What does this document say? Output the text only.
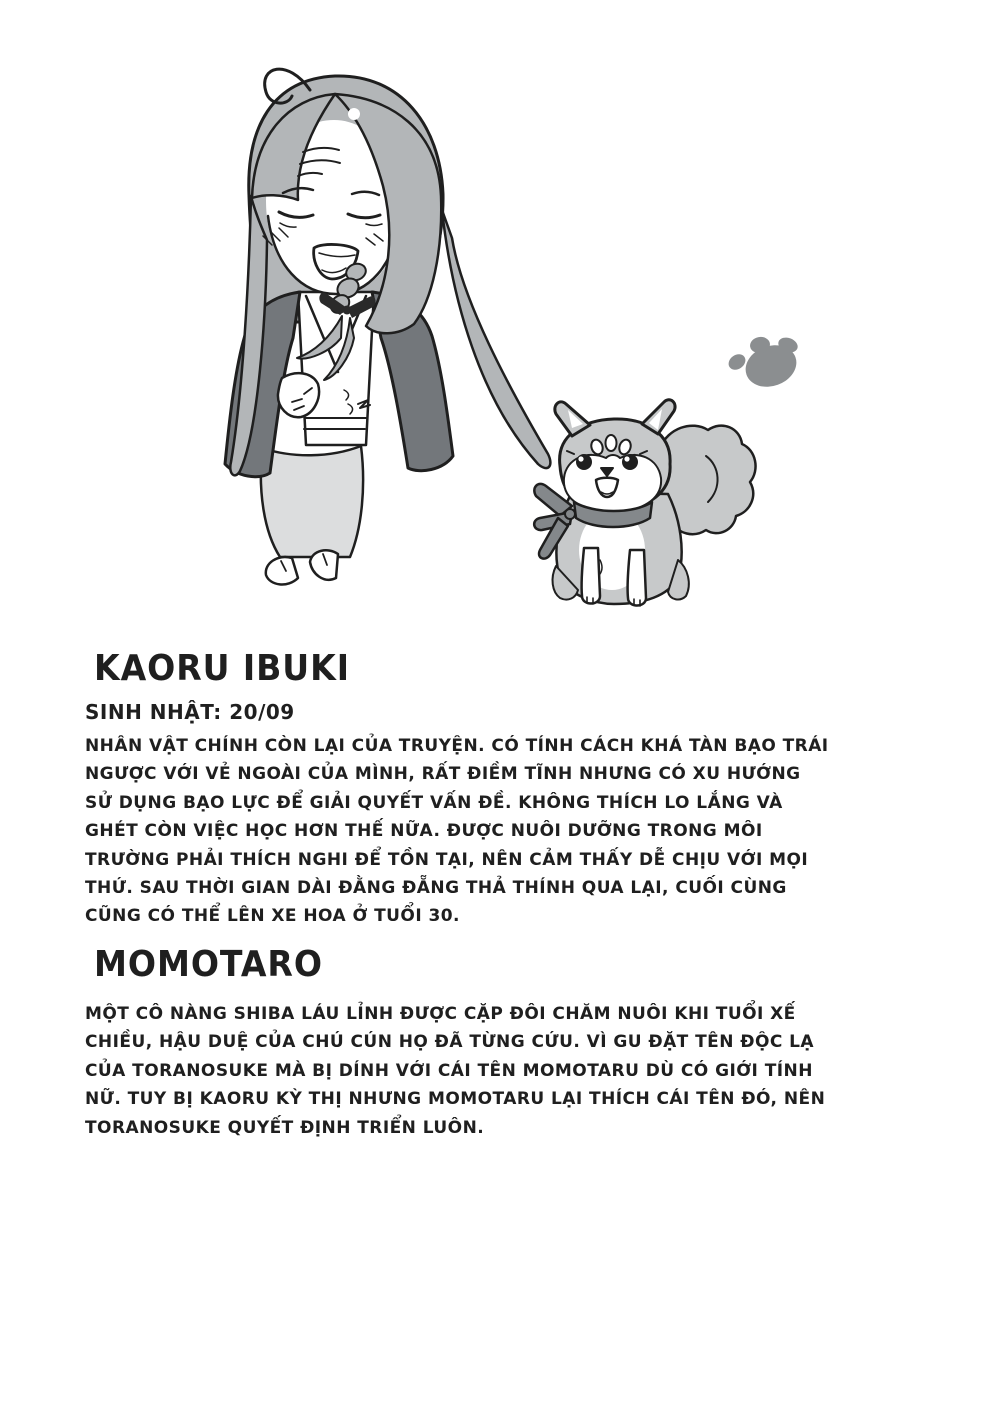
KAORU IBUKI
SINH NHẬT: 20/09
NHÂN VẬT CHÍNH CÒN LẠI CỦA TRUYỆN. CÓ TÍNH CÁCH KHÁ TÀN BẠO TRÁI
NGƯỢC VỚI VẺ NGOÀI CỦA MÌNH, RẤT ĐIỀM TĨNH NHƯNG CÓ XU HƯỚNG
SỬ DỤNG BẠO LỰC ĐỂ GIẢI QUYẾT VẤN ĐỀ. KHÔNG THÍCH LO LẮNG VÀ
GHÉT CÒN VIỆC HỌC HƠN THẾ NỮA. ĐƯỢC NUÔI DƯỠNG TRONG MÔI
TRƯỜNG PHẢI THÍCH NGHI ĐỂ TỒN TẠI, NÊN CẢM THẤY DỄ CHỊU VỚI MỌI
THỨ. SAU THỜI GIAN DÀI ĐẰNG ĐẴNG THẢ THÍNH QUA LẠI, CUỐI CÙNG
CŨNG CÓ THỂ LÊN XE HOA Ở TUỔI 30.
MOMOTARO
MỘT CÔ NÀNG SHIBA LÁU LỈNH ĐƯỢC CẶP ĐÔI CHĂM NUÔI KHI TUỔI XẾ
CHIỀU, HẬU DUỆ CỦA CHÚ CÚN HỌ ĐÃ TỪNG CỨU. VÌ GU ĐẶT TÊN ĐỘC LẠ
CỦA TORANOSUKE MÀ BỊ DÍNH VỚI CÁI TÊN MOMOTARU DÙ CÓ GIỚI TÍNH
NỮ. TUY BỊ KAORU KỲ THỊ NHƯNG MOMOTARU LẠI THÍCH CÁI TÊN ĐÓ, NÊN
TORANOSUKE QUYẾT ĐỊNH TRIỂN LUÔN.
